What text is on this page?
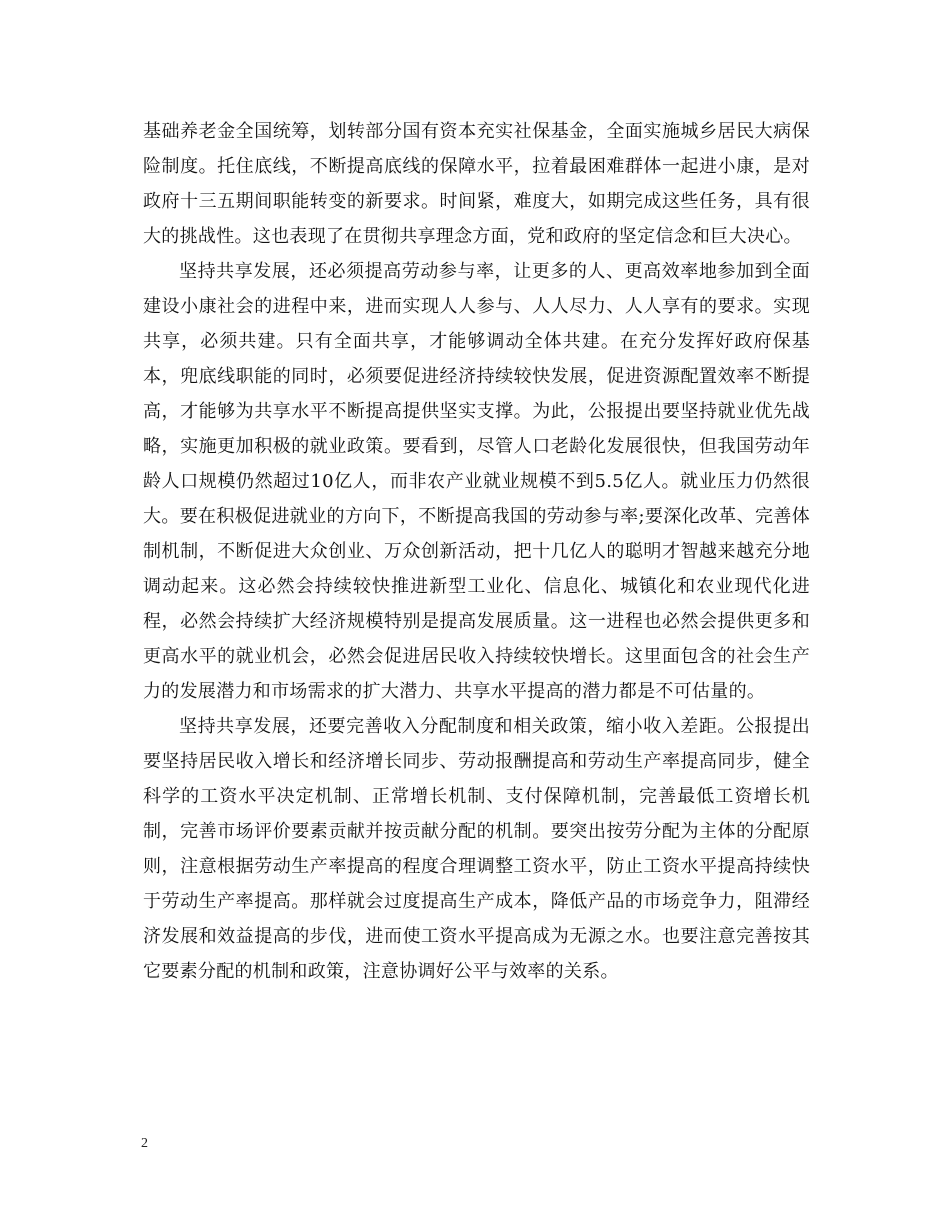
基础养老金全国统筹，划转部分国有资本充实社保基金，全面实施城乡居民大病保险制度。托住底线，不断提高底线的保障水平，拉着最困难群体一起进小康，是对政府十三五期间职能转变的新要求。时间紧，难度大，如期完成这些任务，具有很大的挑战性。这也表现了在贯彻共享理念方面，党和政府的坚定信念和巨大决心。

坚持共享发展，还必须提高劳动参与率，让更多的人、更高效率地参加到全面建设小康社会的进程中来，进而实现人人参与、人人尽力、人人享有的要求。实现共享，必须共建。只有全面共享，才能够调动全体共建。在充分发挥好政府保基本，兜底线职能的同时，必须要促进经济持续较快发展，促进资源配置效率不断提高，才能够为共享水平不断提高提供坚实支撑。为此，公报提出要坚持就业优先战略，实施更加积极的就业政策。要看到，尽管人口老龄化发展很快，但我国劳动年龄人口规模仍然超过10亿人，而非农产业就业规模不到5.5亿人。就业压力仍然很大。要在积极促进就业的方向下，不断提高我国的劳动参与率;要深化改革、完善体制机制，不断促进大众创业、万众创新活动，把十几亿人的聪明才智越来越充分地调动起来。这必然会持续较快推进新型工业化、信息化、城镇化和农业现代化进程，必然会持续扩大经济规模特别是提高发展质量。这一进程也必然会提供更多和更高水平的就业机会，必然会促进居民收入持续较快增长。这里面包含的社会生产力的发展潜力和市场需求的扩大潜力、共享水平提高的潜力都是不可估量的。

坚持共享发展，还要完善收入分配制度和相关政策，缩小收入差距。公报提出要坚持居民收入增长和经济增长同步、劳动报酬提高和劳动生产率提高同步，健全科学的工资水平决定机制、正常增长机制、支付保障机制，完善最低工资增长机制，完善市场评价要素贡献并按贡献分配的机制。要突出按劳分配为主体的分配原则，注意根据劳动生产率提高的程度合理调整工资水平，防止工资水平提高持续快于劳动生产率提高。那样就会过度提高生产成本，降低产品的市场竞争力，阻滞经济发展和效益提高的步伐，进而使工资水平提高成为无源之水。也要注意完善按其它要素分配的机制和政策，注意协调好公平与效率的关系。

2
